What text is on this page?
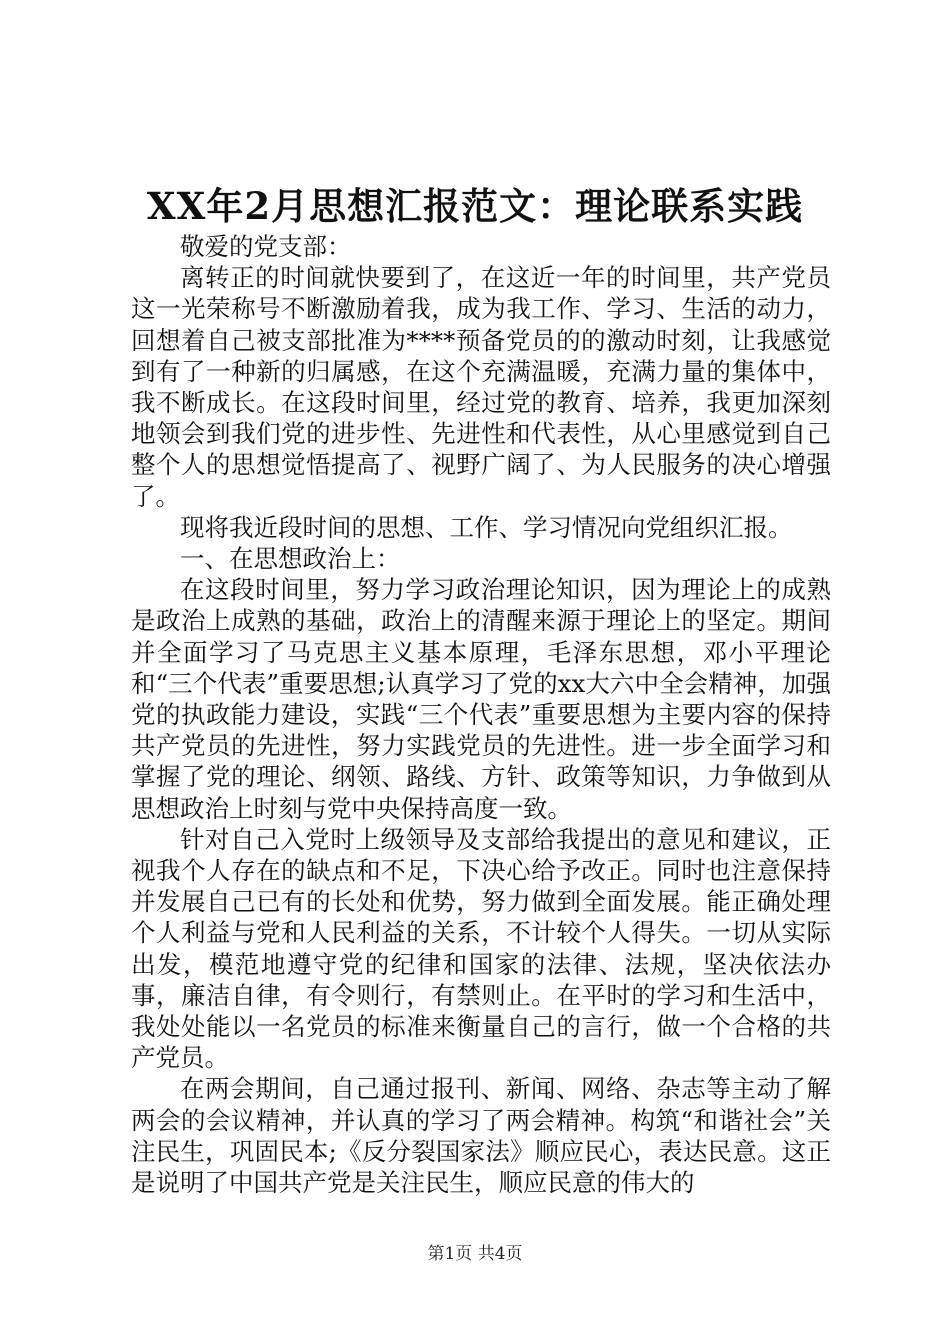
XX年2月思想汇报范文：理论联系实践

敬爱的党支部：

离转正的时间就快要到了，在这近一年的时间里，共产党员这一光荣称号不断激励着我，成为我工作、学习、生活的动力，回想着自己被支部批准为****预备党员的的激动时刻，让我感觉到有了一种新的归属感，在这个充满温暖，充满力量的集体中，我不断成长。在这段时间里，经过党的教育、培养，我更加深刻地领会到我们党的进步性、先进性和代表性，从心里感觉到自己整个人的思想觉悟提高了、视野广阔了、为人民服务的决心增强了。

现将我近段时间的思想、工作、学习情况向党组织汇报。

一、在思想政治上：

在这段时间里，努力学习政治理论知识，因为理论上的成熟是政治上成熟的基础，政治上的清醒来源于理论上的坚定。期间并全面学习了马克思主义基本原理，毛泽东思想，邓小平理论和“三个代表”重要思想;认真学习了党的xx大六中全会精神，加强党的执政能力建设，实践“三个代表”重要思想为主要内容的保持共产党员的先进性，努力实践党员的先进性。进一步全面学习和掌握了党的理论、纲领、路线、方针、政策等知识，力争做到从思想政治上时刻与党中央保持高度一致。

针对自己入党时上级领导及支部给我提出的意见和建议，正视我个人存在的缺点和不足，下决心给予改正。同时也注意保持并发展自己已有的长处和优势，努力做到全面发展。能正确处理个人利益与党和人民利益的关系，不计较个人得失。一切从实际出发，模范地遵守党的纪律和国家的法律、法规，坚决依法办事，廉洁自律，有令则行，有禁则止。在平时的学习和生活中，我处处能以一名党员的标准来衡量自己的言行，做一个合格的共产党员。

在两会期间，自己通过报刊、新闻、网络、杂志等主动了解两会的会议精神，并认真的学习了两会精神。构筑“和谐社会”关注民生，巩固民本;《反分裂国家法》顺应民心，表达民意。这正是说明了中国共产党是关注民生，顺应民意的伟大的

第1页 共4页
